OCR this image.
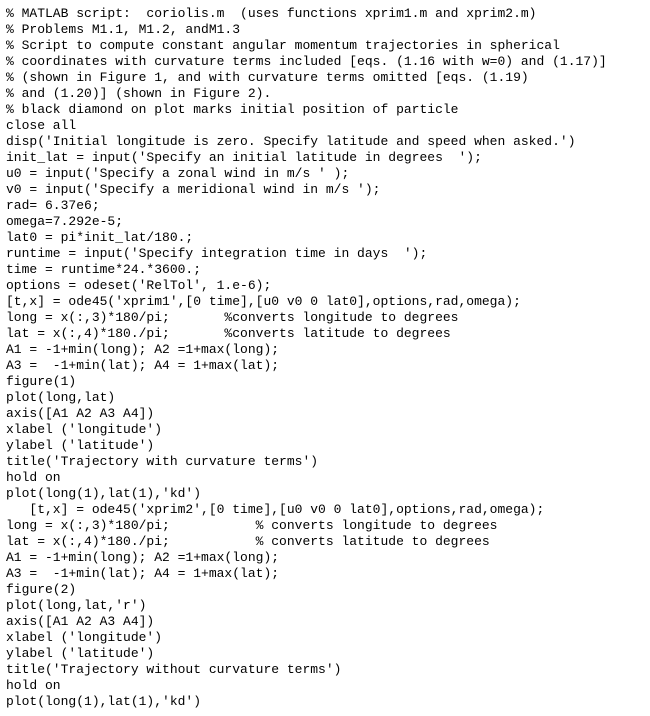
% MATLAB script:  coriolis.m  (uses functions xprim1.m and xprim2.m)
% Problems M1.1, M1.2, andM1.3
% Script to compute constant angular momentum trajectories in spherical
% coordinates with curvature terms included [eqs. (1.16 with w=0) and (1.17)]
% (shown in Figure 1, and with curvature terms omitted [eqs. (1.19)
% and (1.20)] (shown in Figure 2).
% black diamond on plot marks initial position of particle
close all
disp('Initial longitude is zero. Specify latitude and speed when asked.')
init_lat = input('Specify an initial latitude in degrees  ');
u0 = input('Specify a zonal wind in m/s ' );
v0 = input('Specify a meridional wind in m/s ');
rad= 6.37e6;
omega=7.292e-5;
lat0 = pi*init_lat/180.;
runtime = input('Specify integration time in days  ');
time = runtime*24.*3600.;
options = odeset('RelTol', 1.e-6);
[t,x] = ode45('xprim1',[0 time],[u0 v0 0 lat0],options,rad,omega);
long = x(:,3)*180/pi;       %converts longitude to degrees
lat = x(:,4)*180./pi;       %converts latitude to degrees
A1 = -1+min(long); A2 =1+max(long);
A3 =  -1+min(lat); A4 = 1+max(lat);
figure(1)
plot(long,lat)
axis([A1 A2 A3 A4])
xlabel ('longitude')
ylabel ('latitude')
title('Trajectory with curvature terms')
hold on
plot(long(1),lat(1),'kd')
[t,x] = ode45('xprim2',[0 time],[u0 v0 0 lat0],options,rad,omega);
long = x(:,3)*180/pi;           % converts longitude to degrees
lat = x(:,4)*180./pi;           % converts latitude to degrees
A1 = -1+min(long); A2 =1+max(long);
A3 =  -1+min(lat); A4 = 1+max(lat);
figure(2)
plot(long,lat,'r')
axis([A1 A2 A3 A4])
xlabel ('longitude')
ylabel ('latitude')
title('Trajectory without curvature terms')
hold on
plot(long(1),lat(1),'kd')
